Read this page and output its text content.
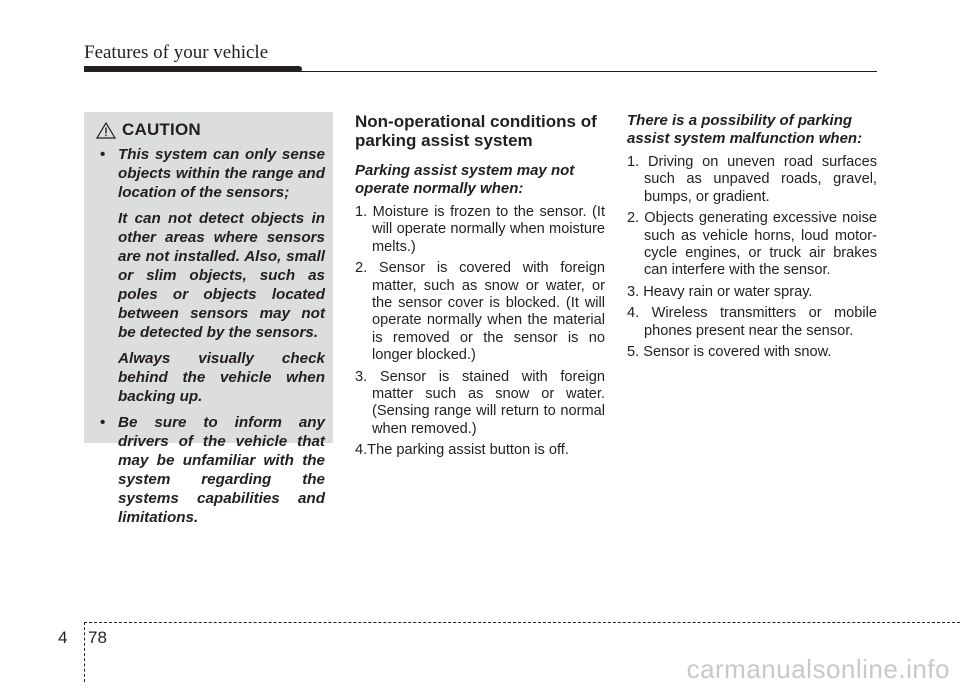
Features of your vehicle
CAUTION
• This system can only sense objects within the range and location of the sensors;

It can not detect objects in other areas where sensors are not installed. Also, small or slim objects, such as poles or objects located between sensors may not be detected by the sensors.

Always visually check behind the vehicle when backing up.

• Be sure to inform any drivers of the vehicle that may be unfamiliar with the system regarding the systems capabilities and limitations.

Non-operational conditions of parking assist system
Parking assist system may not operate normally when:
1. Moisture is frozen to the sensor. (It will operate normally when moisture melts.)
2. Sensor is covered with foreign matter, such as snow or water, or the sensor cover is blocked. (It will operate normally when the material is removed or the sensor is no longer blocked.)
3. Sensor is stained with foreign matter such as snow or water. (Sensing range will return to normal when removed.)
4.The parking assist button is off.
There is a possibility of parking assist system malfunction when:
1. Driving on uneven road surfaces such as unpaved roads, gravel, bumps, or gradient.
2. Objects generating excessive noise such as vehicle horns, loud motor-cycle engines, or truck air brakes can interfere with the sensor.
3. Heavy rain or water spray.
4. Wireless transmitters or mobile phones present near the sensor.
5. Sensor is covered with snow.
4 78
carmanualsonline.info
